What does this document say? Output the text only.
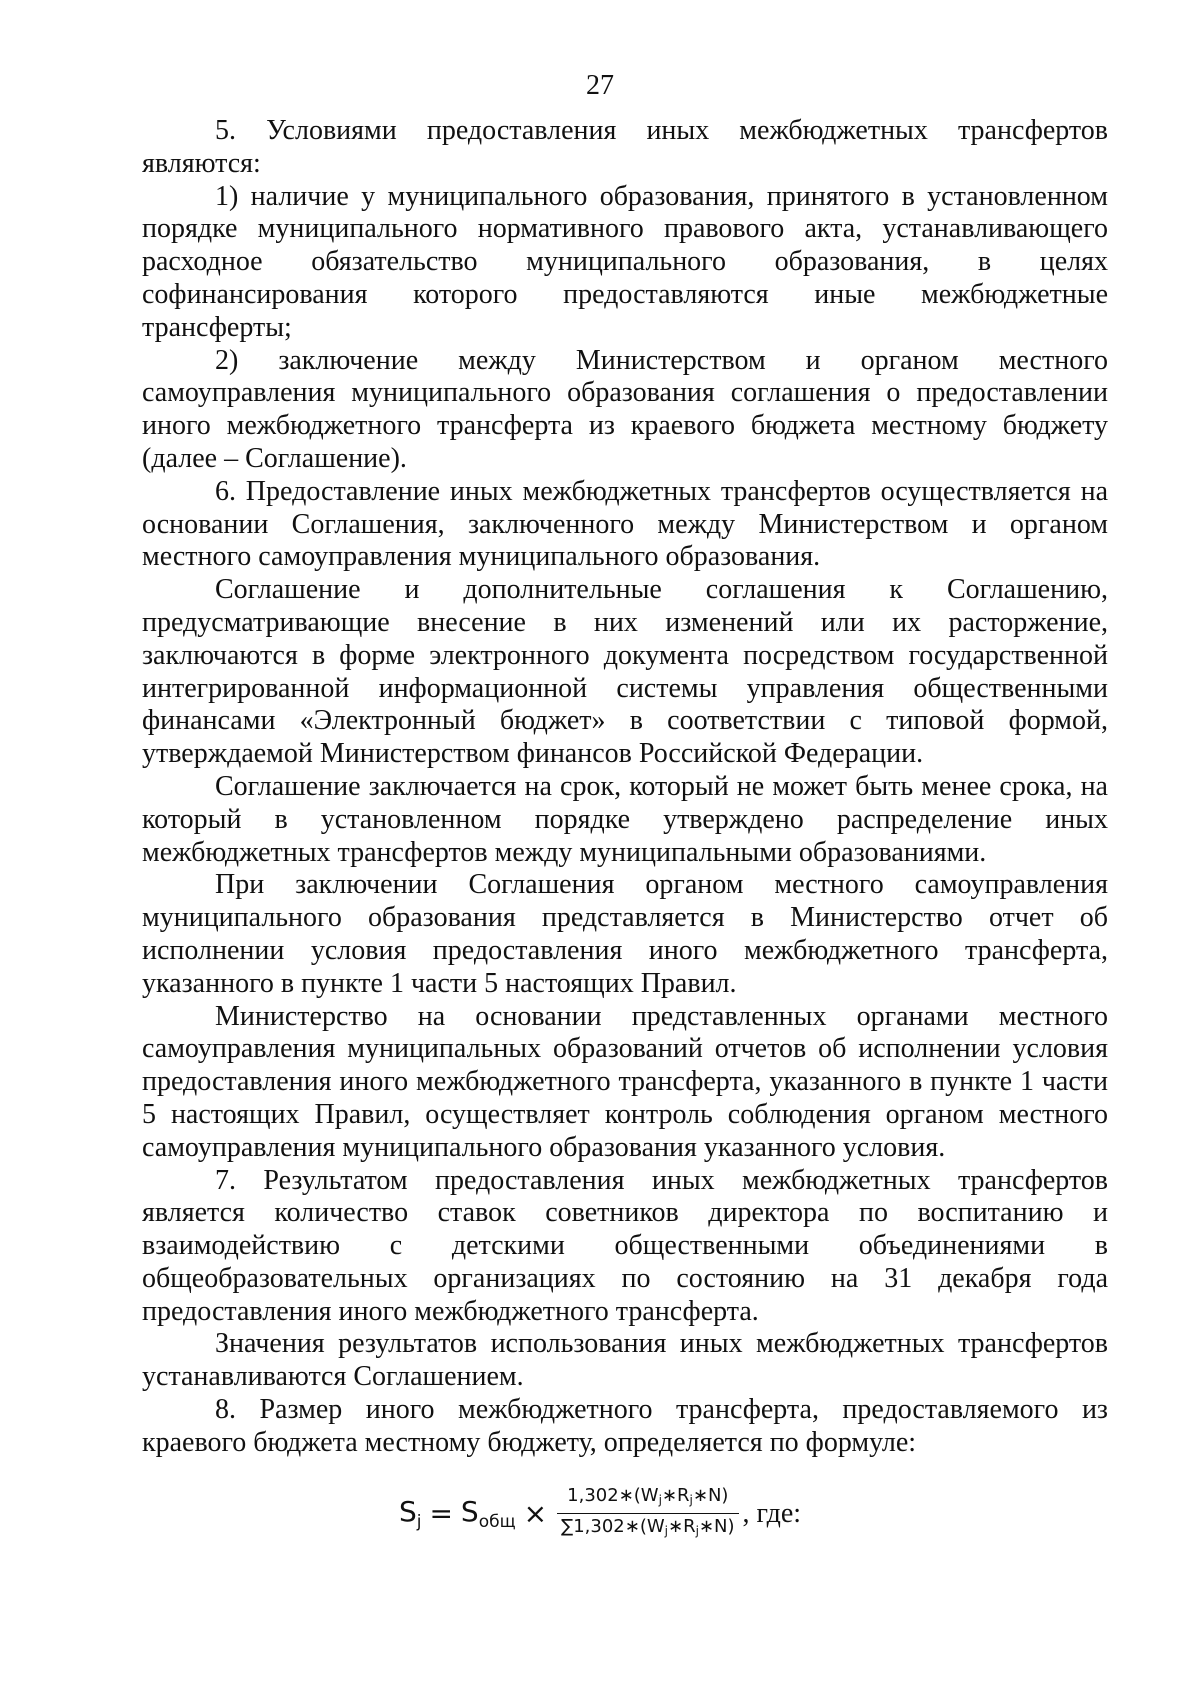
27

5. Условиями предоставления иных межбюджетных трансфертов являются:

1) наличие у муниципального образования, принятого в установленном порядке муниципального нормативного правового акта, устанавливающего расходное обязательство муниципального образования, в целях софинансирования которого предоставляются иные межбюджетные трансферты;

2) заключение между Министерством и органом местного самоуправления муниципального образования соглашения о предоставлении иного межбюджетного трансферта из краевого бюджета местному бюджету (далее – Соглашение).

6. Предоставление иных межбюджетных трансфертов осуществляется на основании Соглашения, заключенного между Министерством и органом местного самоуправления муниципального образования.

Соглашение и дополнительные соглашения к Соглашению, предусматривающие внесение в них изменений или их расторжение, заключаются в форме электронного документа посредством государственной интегрированной информационной системы управления общественными финансами «Электронный бюджет» в соответствии с типовой формой, утверждаемой Министерством финансов Российской Федерации.

Соглашение заключается на срок, который не может быть менее срока, на который в установленном порядке утверждено распределение иных межбюджетных трансфертов между муниципальными образованиями.

При заключении Соглашения органом местного самоуправления муниципального образования представляется в Министерство отчет об исполнении условия предоставления иного межбюджетного трансферта, указанного в пункте 1 части 5 настоящих Правил.

Министерство на основании представленных органами местного самоуправления муниципальных образований отчетов об исполнении условия предоставления иного межбюджетного трансферта, указанного в пункте 1 части 5 настоящих Правил, осуществляет контроль соблюдения органом местного самоуправления муниципального образования указанного условия.

7. Результатом предоставления иных межбюджетных трансфертов является количество ставок советников директора по воспитанию и взаимодействию с детскими общественными объединениями в общеобразовательных организациях по состоянию на 31 декабря года предоставления иного межбюджетного трансферта.

Значения результатов использования иных межбюджетных трансфертов устанавливаются Соглашением.

8. Размер иного межбюджетного трансферта, предоставляемого из краевого бюджета местному бюджету, определяется по формуле:

$S_j = S_{общ} \times \frac{1,302∗(Wj∗Rj∗N)}{\sum 1,302∗(Wj∗Rj∗N)}$ , где:
